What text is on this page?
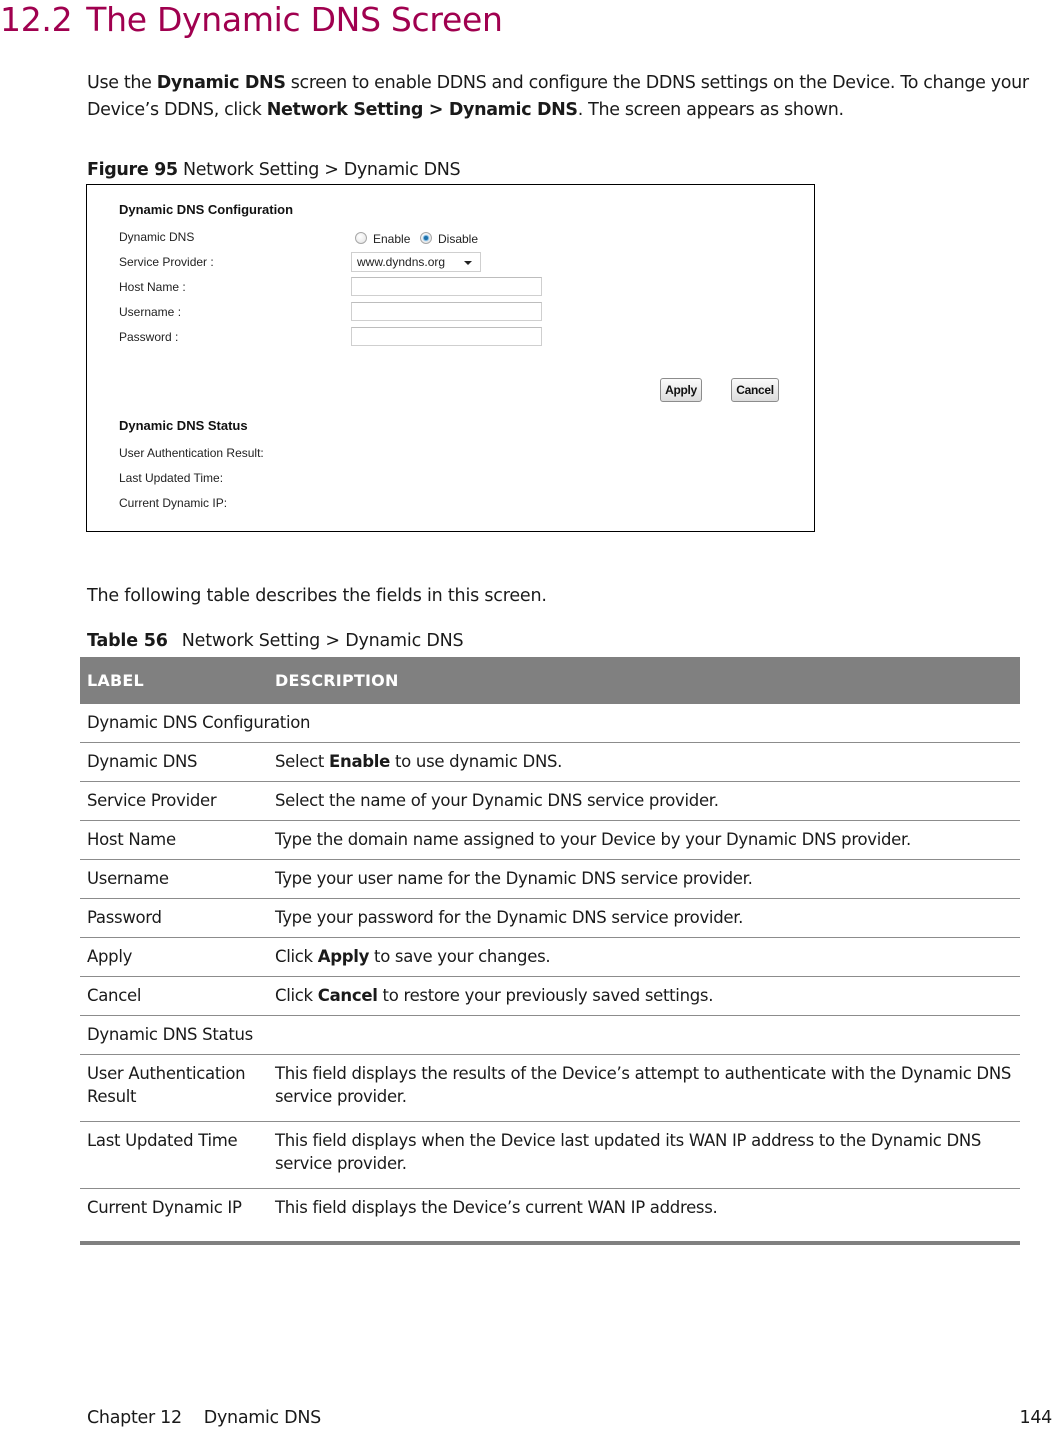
12.2 The Dynamic DNS Screen

Use the Dynamic DNS screen to enable DDNS and configure the DDNS settings on the Device. To change your Device’s DDNS, click Network Setting > Dynamic DNS. The screen appears as shown.

Figure 95 Network Setting > Dynamic DNS
Dynamic DNS Configuration
Dynamic DNS	Enable Disable
Service Provider :	www.dyndns.org
Host Name :
Username :
Password :
Apply	Cancel
Dynamic DNS Status
User Authentication Result:
Last Updated Time:
Current Dynamic IP:

The following table describes the fields in this screen.

Table 56 Network Setting > Dynamic DNS
LABEL	DESCRIPTION
Dynamic DNS Configuration	
Dynamic DNS	Select Enable to use dynamic DNS.
Service Provider	Select the name of your Dynamic DNS service provider.
Host Name	Type the domain name assigned to your Device by your Dynamic DNS provider.
Username	Type your user name for the Dynamic DNS service provider.
Password	Type your password for the Dynamic DNS service provider.
Apply	Click Apply to save your changes.
Cancel	Click Cancel to restore your previously saved settings.
Dynamic DNS Status	
User Authentication Result	This field displays the results of the Device’s attempt to authenticate with the Dynamic DNS service provider.
Last Updated Time	This field displays when the Device last updated its WAN IP address to the Dynamic DNS service provider.
Current Dynamic IP	This field displays the Device’s current WAN IP address.
Chapter 12 Dynamic DNS	144
